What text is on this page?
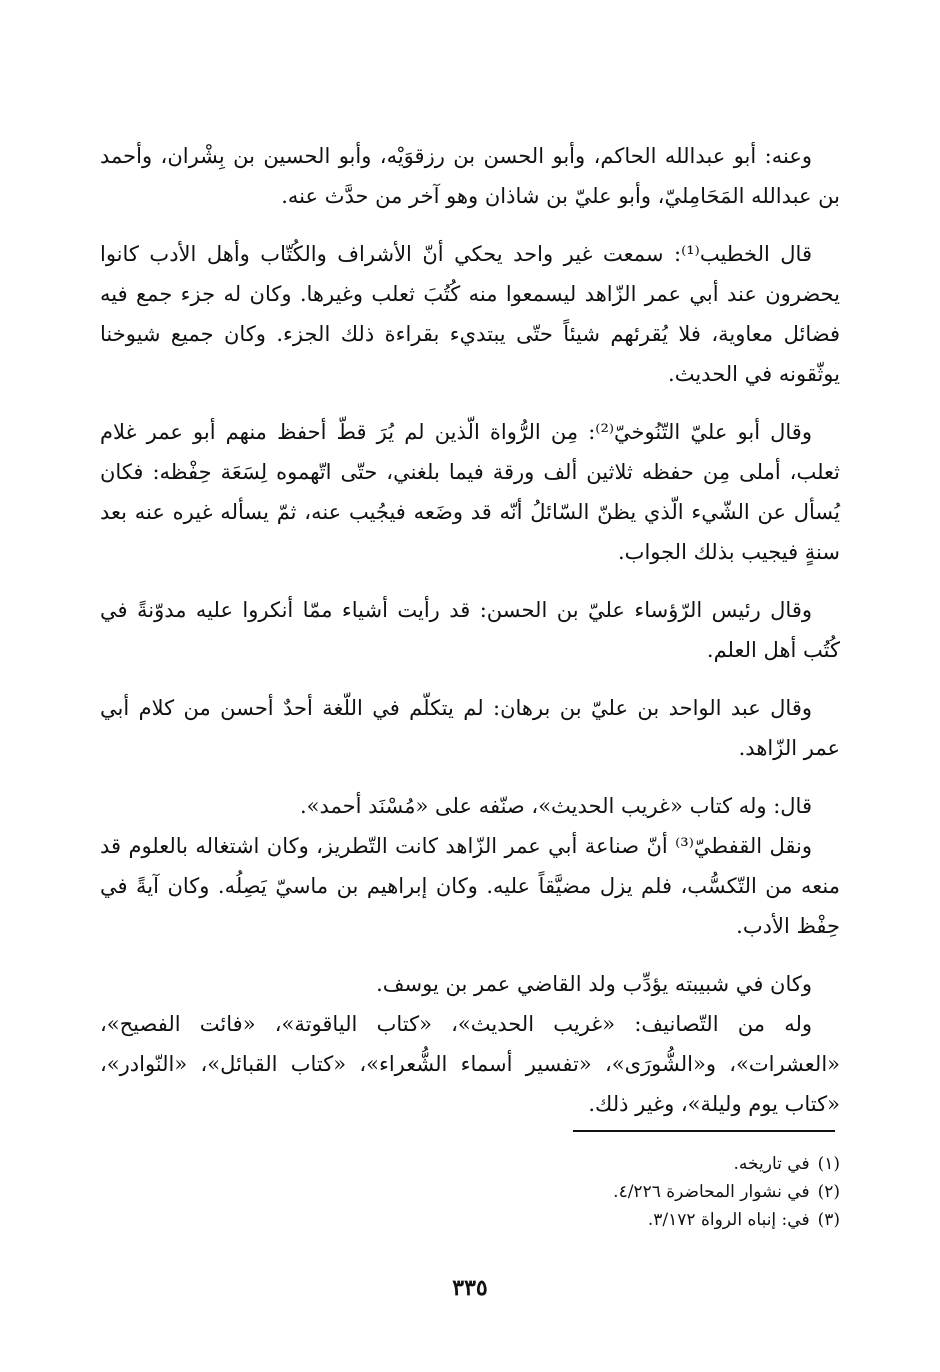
وعنه: أبو عبدالله الحاكم، وأبو الحسن بن رزقوَيْه، وأبو الحسين بن بِشْران، وأحمد بن عبدالله المَحَامِليّ، وأبو عليّ بن شاذان وهو آخر من حدَّث عنه.

قال الخطيب⁽¹⁾: سمعت غير واحد يحكي أنّ الأشراف والكُتّاب وأهل الأدب كانوا يحضرون عند أبي عمر الزّاهد ليسمعوا منه كُتُبَ ثعلب وغيرها. وكان له جزء جمع فيه فضائل معاوية، فلا يُقرئهم شيئاً حتّى يبتديء بقراءة ذلك الجزء. وكان جميع شيوخنا يوثّقونه في الحديث.

وقال أبو عليّ التّنُوخيّ⁽²⁾: مِن الرُّواة الّذين لم يُرَ قطّ أحفظ منهم أبو عمر غلام ثعلب، أملى مِن حفظه ثلاثين ألف ورقة فيما بلغني، حتّى اتّهموه لِسَعَة حِفْظه: فكان يُسأل عن الشّيء الّذي يظنّ السّائلُ أنّه قد وضَعه فيجُيب عنه، ثمّ يسأله غيره عنه بعد سنةٍ فيجيب بذلك الجواب.

وقال رئيس الرّؤساء عليّ بن الحسن: قد رأيت أشياء ممّا أنكروا عليه مدوّنةً في كُتُب أهل العلم.

وقال عبد الواحد بن عليّ بن برهان: لم يتكلّم في اللّغة أحدٌ أحسن من كلام أبي عمر الزّاهد.

قال: وله كتاب «غريب الحديث»، صنّفه على «مُسْنَد أحمد».

ونقل القفطيّ⁽³⁾ أنّ صناعة أبي عمر الزّاهد كانت التّطريز، وكان اشتغاله بالعلوم قد منعه من التّكسُّب، فلم يزل مضيَّقاً عليه. وكان إبراهيم بن ماسيّ يَصِلُه. وكان آيةً في حِفْظ الأدب.

وكان في شبيبته يؤدِّب ولد القاضي عمر بن يوسف.

وله من التّصانيف: «غريب الحديث»، «كتاب الياقوتة»، «فائت الفصيح»، «العشرات»، و«الشُّورَى»، «تفسير أسماء الشُّعراء»، «كتاب القبائل»، «النّوادر»، «كتاب يوم وليلة»، وغير ذلك.

(١)في تاريخه.
(٢)في نشوار المحاضرة ٤/٢٢٦.
(٣)في: إنباه الرواة ٣/١٧٢.
٣٣٥
